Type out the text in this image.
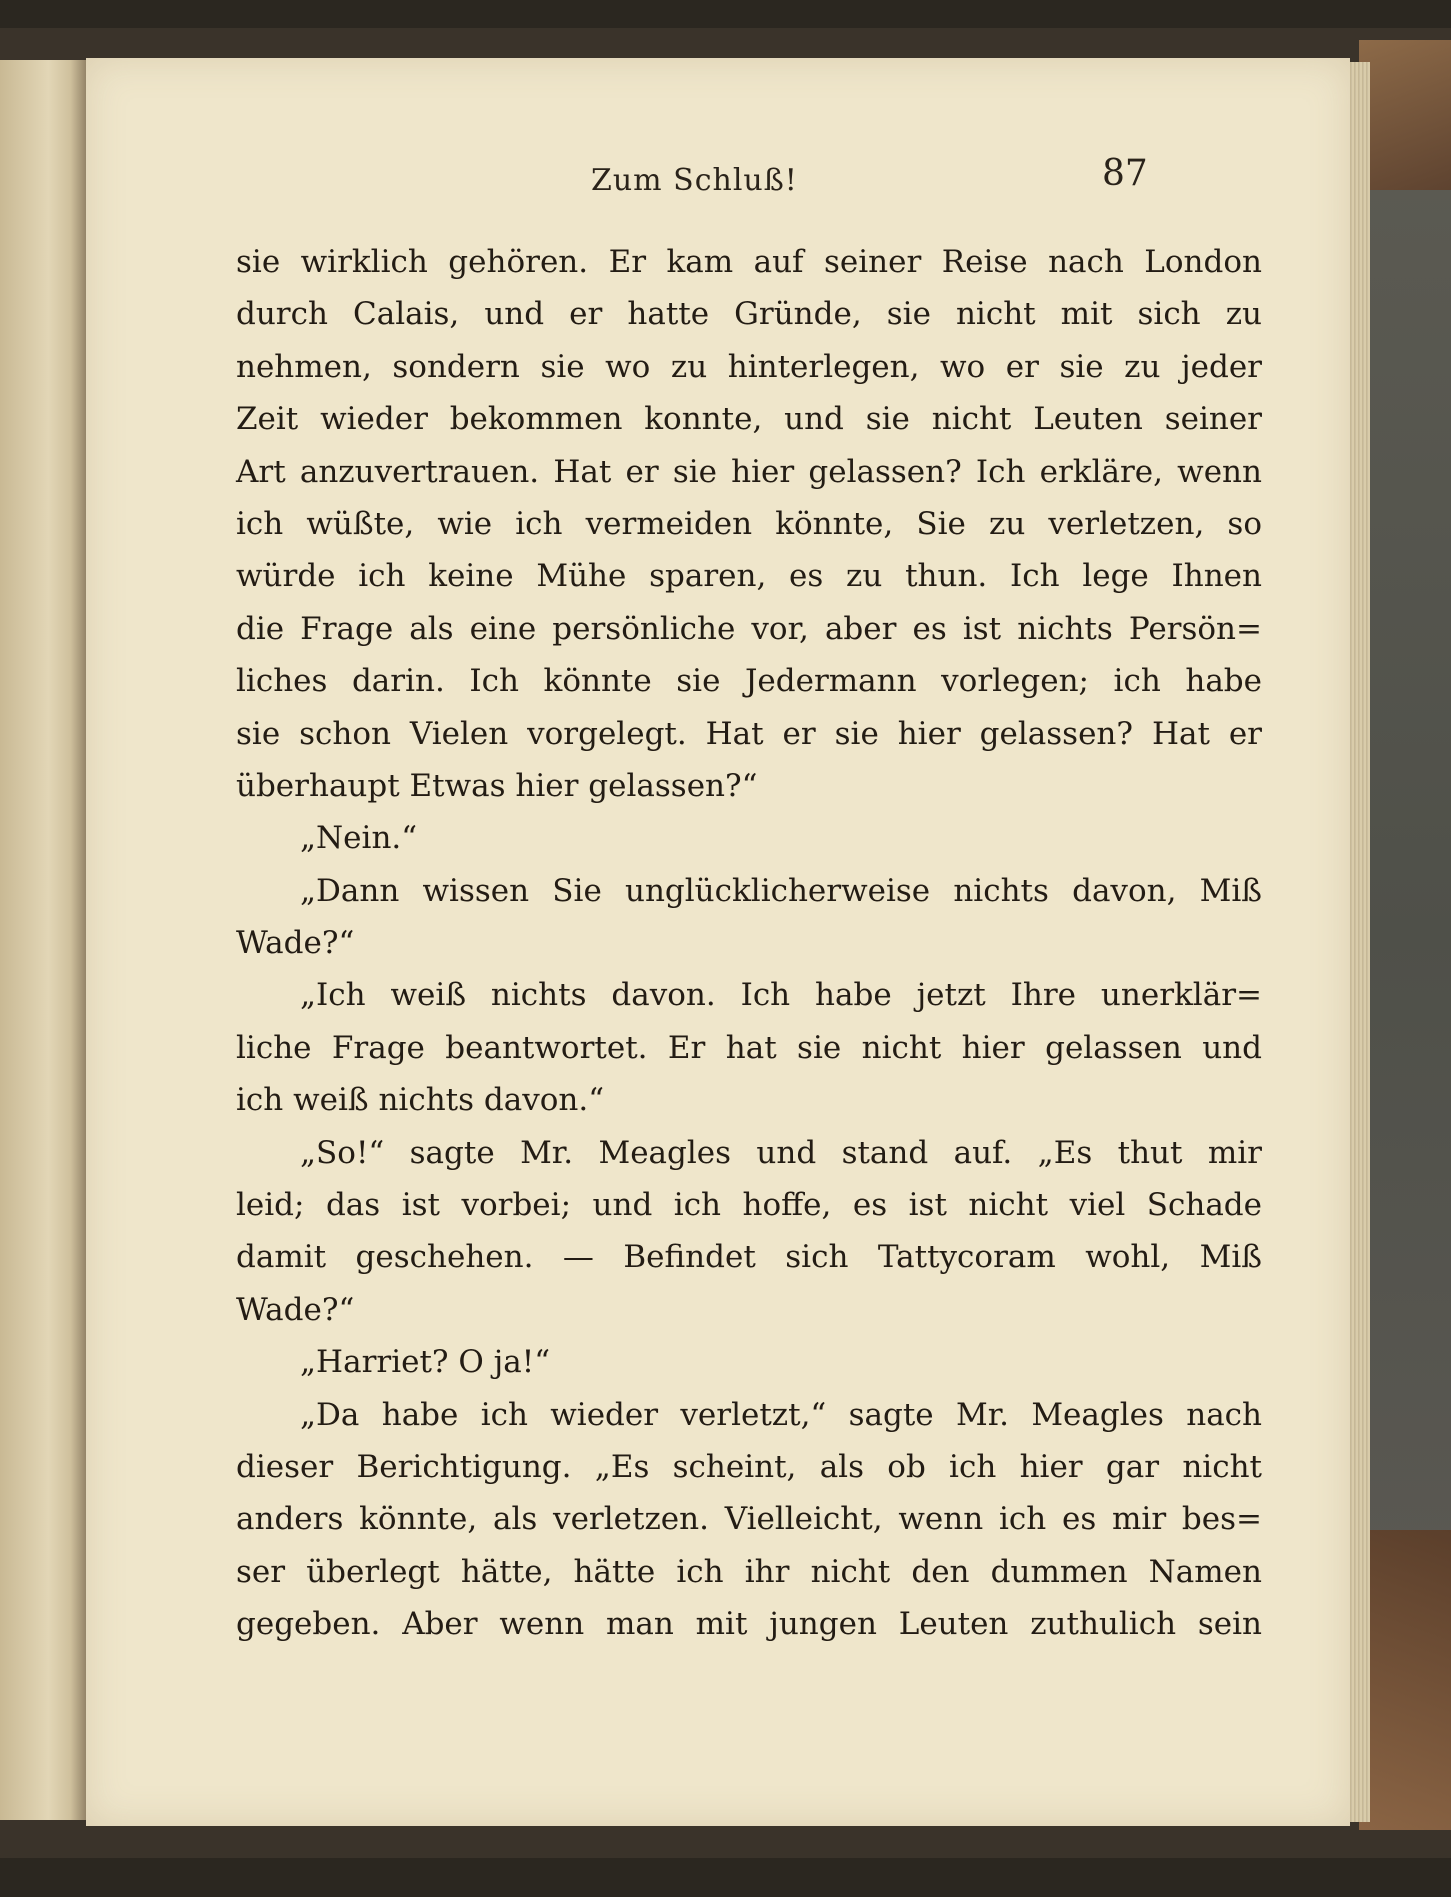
Zum Schluß!	87
sie wirklich gehören. Er kam auf seiner Reise nach London
durch Calais, und er hatte Gründe, sie nicht mit sich zu
nehmen, sondern sie wo zu hinterlegen, wo er sie zu jeder
Zeit wieder bekommen konnte, und sie nicht Leuten seiner
Art anzuvertrauen. Hat er sie hier gelassen? Ich erkläre, wenn
ich wüßte, wie ich vermeiden könnte, Sie zu verletzen, so
würde ich keine Mühe sparen, es zu thun. Ich lege Ihnen
die Frage als eine persönliche vor, aber es ist nichts Persön=
liches darin. Ich könnte sie Jedermann vorlegen; ich habe
sie schon Vielen vorgelegt. Hat er sie hier gelassen? Hat er
überhaupt Etwas hier gelassen?“
„Nein.“
„Dann wissen Sie unglücklicherweise nichts davon, Miß
Wade?“
„Ich weiß nichts davon. Ich habe jetzt Ihre unerklär=
liche Frage beantwortet. Er hat sie nicht hier gelassen und
ich weiß nichts davon.“
„So!“ sagte Mr. Meagles und stand auf. „Es thut mir
leid; das ist vorbei; und ich hoffe, es ist nicht viel Schade
damit geschehen. — Befindet sich Tattycoram wohl, Miß
Wade?“
„Harriet? O ja!“
„Da habe ich wieder verletzt,“ sagte Mr. Meagles nach
dieser Berichtigung. „Es scheint, als ob ich hier gar nicht
anders könnte, als verletzen. Vielleicht, wenn ich es mir bes=
ser überlegt hätte, hätte ich ihr nicht den dummen Namen
gegeben. Aber wenn man mit jungen Leuten zuthulich sein
